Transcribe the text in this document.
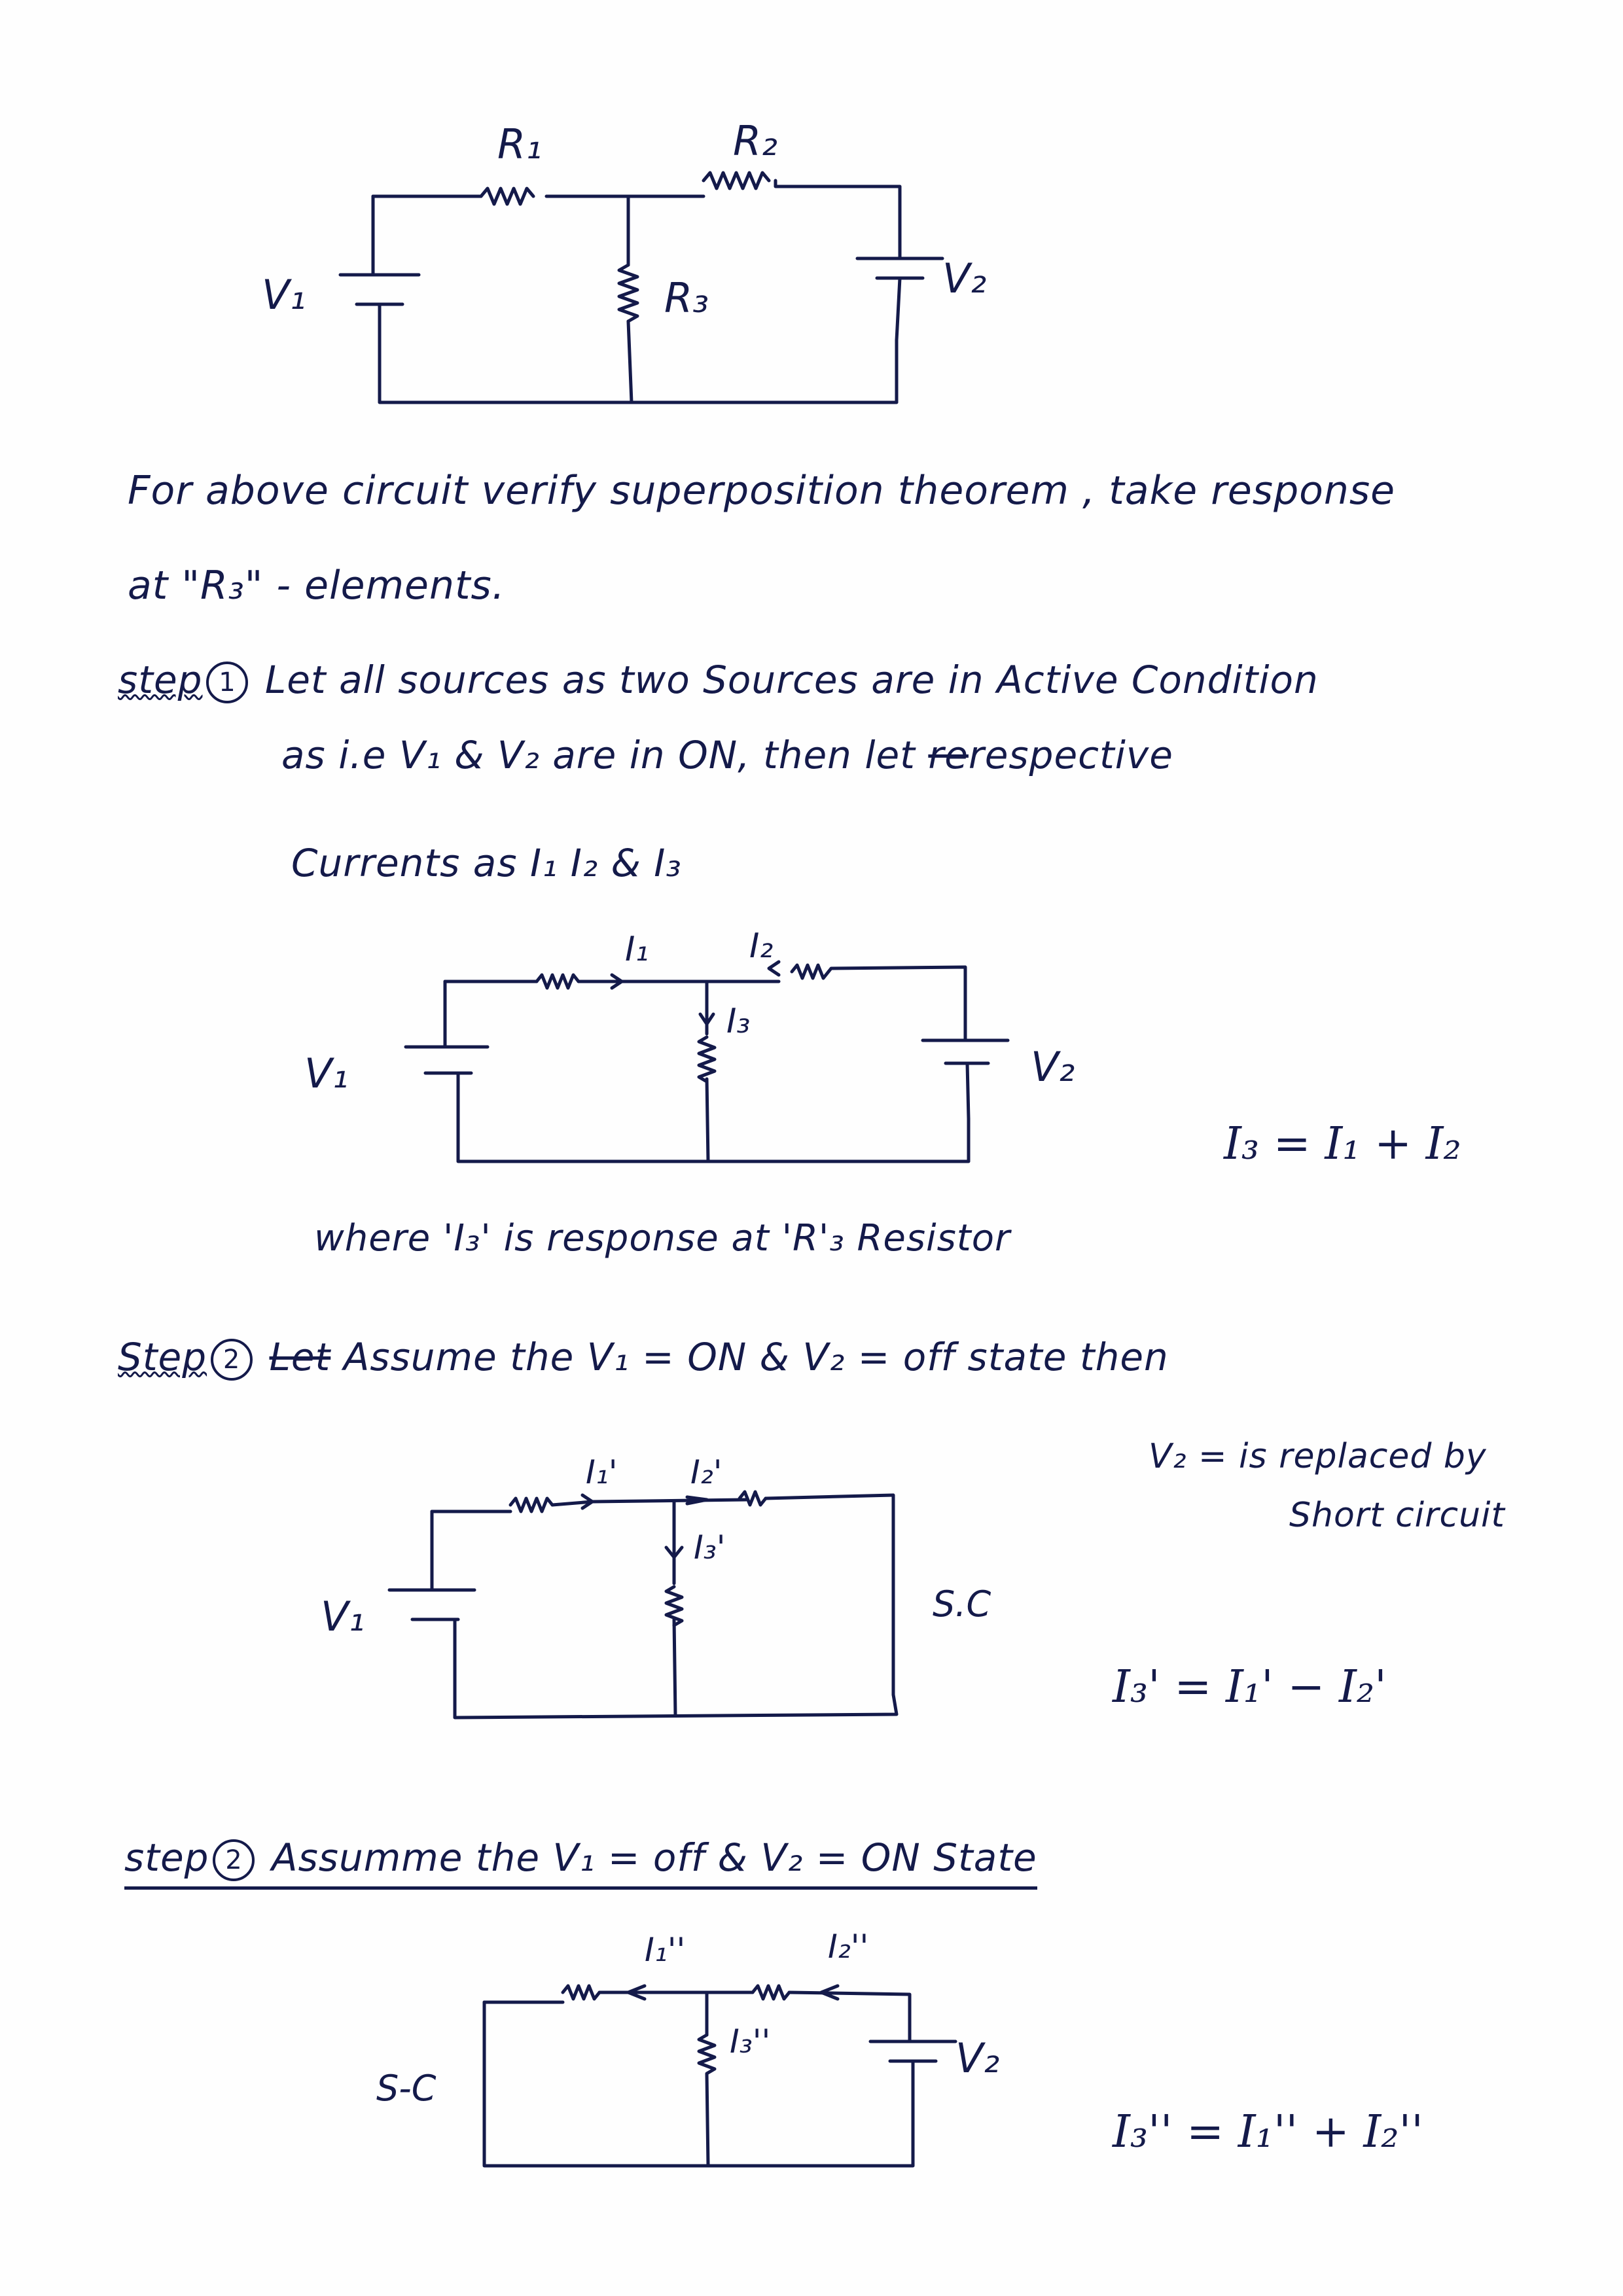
R₁	R₂
R₃
V₁	V₂
For above circuit verify superposition theorem , take response
at "R₃" - elements.
step 1 Let all sources as two Sources are in Active Condition
as i.e V₁ & V₂ are in ON, then let rerespective
Currents as I₁ I₂ & I₃
I₁	I₂
I₃
V₁	V₂
I₃ = I₁ + I₂
where 'I₃' is response at 'R'₃ Resistor
Step 2 Let Assume the V₁ = ON & V₂ = off state then
I₁' I₂'
I₃'
V₁	S.C
V₂ = is replaced by
Short circuit
I₃' = I₁' − I₂'
step 2 Assumme the V₁ = off & V₂ = ON State
I₁''	I₂''
I₃''	V₂
S-C
I₃'' = I₁'' + I₂''
